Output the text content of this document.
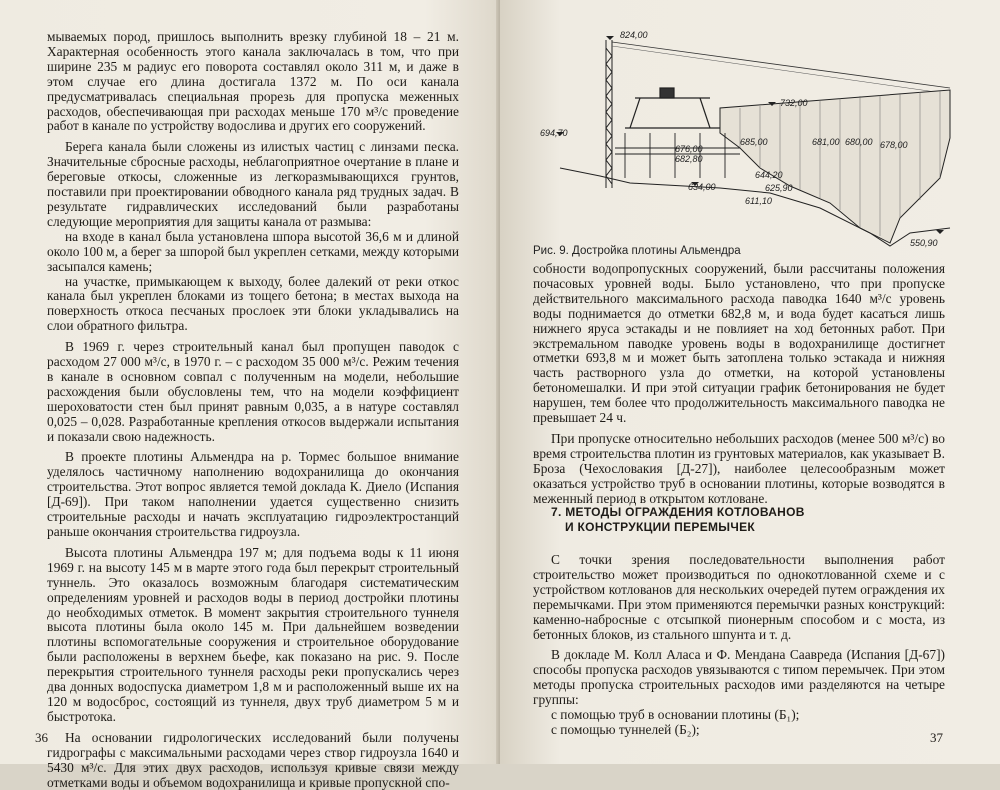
мываемых пород, пришлось выполнить врезку глубиной 18 – 21 м. Характерная особенность этого канала заключалась в том, что при ширине 235 м радиус его поворота составлял около 311 м, и даже в этом случае его длина достигала 1372 м. По оси канала предусматривалась специальная прорезь для пропуска меженных расходов, обеспечивающая при расходах меньше 170 м³/с проведение работ в канале по устройству водослива и других его сооружений.

Берега канала были сложены из илистых частиц с линзами песка. Значительные сбросные расходы, неблагоприятное очертание в плане и береговые откосы, сложенные из легкоразмывающихся грунтов, поставили при проектировании обводного канала ряд трудных задач. В результате гидравлических исследований были разработаны следующие мероприятия для защиты канала от размыва:

на входе в канал была установлена шпора высотой 36,6 м и длиной около 100 м, а берег за шпорой был укреплен сетками, между которыми засыпался камень;

на участке, примыкающем к выходу, более далекий от реки откос канала был укреплен блоками из тощего бетона; в местах выхода на поверхность откоса песчаных прослоек эти блоки укладывались на слои обратного фильтра.

В 1969 г. через строительный канал был пропущен паводок с расходом 27 000 м³/с, в 1970 г. – с расходом 35 000 м³/с. Режим течения в канале в основном совпал с полученным на модели, небольшие расхождения были обусловлены тем, что на модели коэффициент шероховатости стен был принят равным 0,035, а в натуре составлял 0,025 – 0,028. Разработанные крепления откосов выдержали испытания и показали свою надежность.

В проекте плотины Альмендра на р. Тормес большое внимание уделялось частичному наполнению водохранилища до окончания строительства. Этот вопрос является темой доклада К. Диело (Испания [Д-69]). При таком наполнении удается существенно снизить строительные расходы и начать эксплуатацию гидроэлектростанций раньше окончания строительства гидроузла.

Высота плотины Альмендра 197 м; для подъема воды к 11 июня 1969 г. на высоту 145 м в марте этого года был перекрыт строительный туннель. Это оказалось возможным благодаря систематическим определениям уровней и расходов воды в период достройки плотины до необходимых отметок. В момент закрытия строительного туннеля высота плотины была около 145 м. При дальнейшем возведении плотины вспомогательные сооружения и строительное оборудование были расположены в верхнем бьефе, как показано на рис. 9. После перекрытия строительного туннеля расходы реки пропускались через два донных водоспуска диаметром 1,8 м и расположенный выше их на 120 м водосброс, состоящий из туннеля, двух труб диаметром 5 м и быстротока.

На основании гидрологических исследований были получены гидрографы с максимальными расходами через створ гидроузла 1640 и 5430 м³/с. Для этих двух расходов, используя кривые связи между отметками воды и объемом водохранилища и кривые пропускной спо-

36
824,00
732,00
694,70
685,00	681,00 680,00 678,00
682,80
634,00
644,20
625,90
611,10
550,90
676,00
Рис. 9. Достройка плотины Альмендра

собности водопропускных сооружений, были рассчитаны положения почасовых уровней воды. Было установлено, что при пропуске действительного максимального расхода паводка 1640 м³/с уровень воды поднимается до отметки 682,8 м, и вода будет касаться лишь нижнего яруса эстакады и не повлияет на ход бетонных работ. При экстремальном паводке уровень воды в водохранилище достигнет отметки 693,8 м и может быть затоплена только эстакада и нижняя часть растворного узла до отметки, на которой установлены бетономешалки. И при этой ситуации график бетонирования не будет нарушен, тем более что продолжительность максимального паводка не превышает 24 ч.

При пропуске относительно небольших расходов (менее 500 м³/с) во время строительства плотин из грунтовых материалов, как указывает В. Броза (Чехословакия [Д-27]), наиболее целесообразным может оказаться устройство труб в основании плотины, которые возводятся в меженный период в открытом котловане.

7. МЕТОДЫ ОГРАЖДЕНИЯ КОТЛОВАНОВ

И КОНСТРУКЦИИ ПЕРЕМЫЧЕК

С точки зрения последовательности выполнения работ строительство может производиться по однокотлованной схеме и с устройством котлованов для нескольких очередей путем ограждения их перемычками. При этом применяются перемычки разных конструкций: каменно-набросные с отсыпкой пионерным способом и с моста, из бетонных блоков, из стального шпунта и т. д.

В докладе М. Колл Аласа и Ф. Мендана Саавреда (Испания [Д-67]) способы пропуска расходов увязываются с типом перемычек. При этом методы пропуска строительных расходов ими разделяются на четыре группы:

с помощью труб в основании плотины (Б₁);

с помощью туннелей (Б₂);

37
